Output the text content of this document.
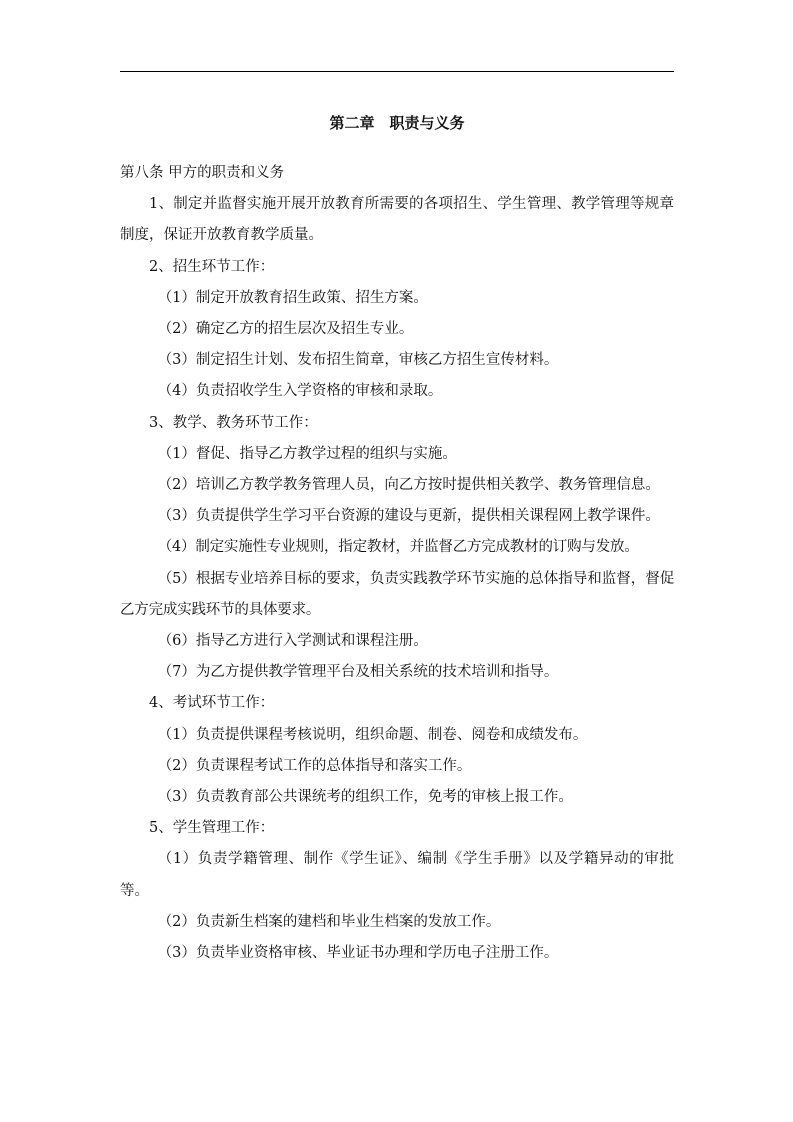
第二章　职责与义务

第八条 甲方的职责和义务

1、制定并监督实施开展开放教育所需要的各项招生、学生管理、教学管理等规章制度，保证开放教育教学质量。

2、招生环节工作：

（1）制定开放教育招生政策、招生方案。

（2）确定乙方的招生层次及招生专业。

（3）制定招生计划、发布招生简章，审核乙方招生宣传材料。

（4）负责招收学生入学资格的审核和录取。

3、教学、教务环节工作：

（1）督促、指导乙方教学过程的组织与实施。

（2）培训乙方教学教务管理人员，向乙方按时提供相关教学、教务管理信息。

（3）负责提供学生学习平台资源的建设与更新，提供相关课程网上教学课件。

（4）制定实施性专业规则，指定教材，并监督乙方完成教材的订购与发放。

（5）根据专业培养目标的要求，负责实践教学环节实施的总体指导和监督，督促乙方完成实践环节的具体要求。

（6）指导乙方进行入学测试和课程注册。

（7）为乙方提供教学管理平台及相关系统的技术培训和指导。

4、考试环节工作：

（1）负责提供课程考核说明，组织命题、制卷、阅卷和成绩发布。

（2）负责课程考试工作的总体指导和落实工作。

（3）负责教育部公共课统考的组织工作，免考的审核上报工作。

5、学生管理工作：

（1）负责学籍管理、制作《学生证》、编制《学生手册》以及学籍异动的审批等。

（2）负责新生档案的建档和毕业生档案的发放工作。

（3）负责毕业资格审核、毕业证书办理和学历电子注册工作。
